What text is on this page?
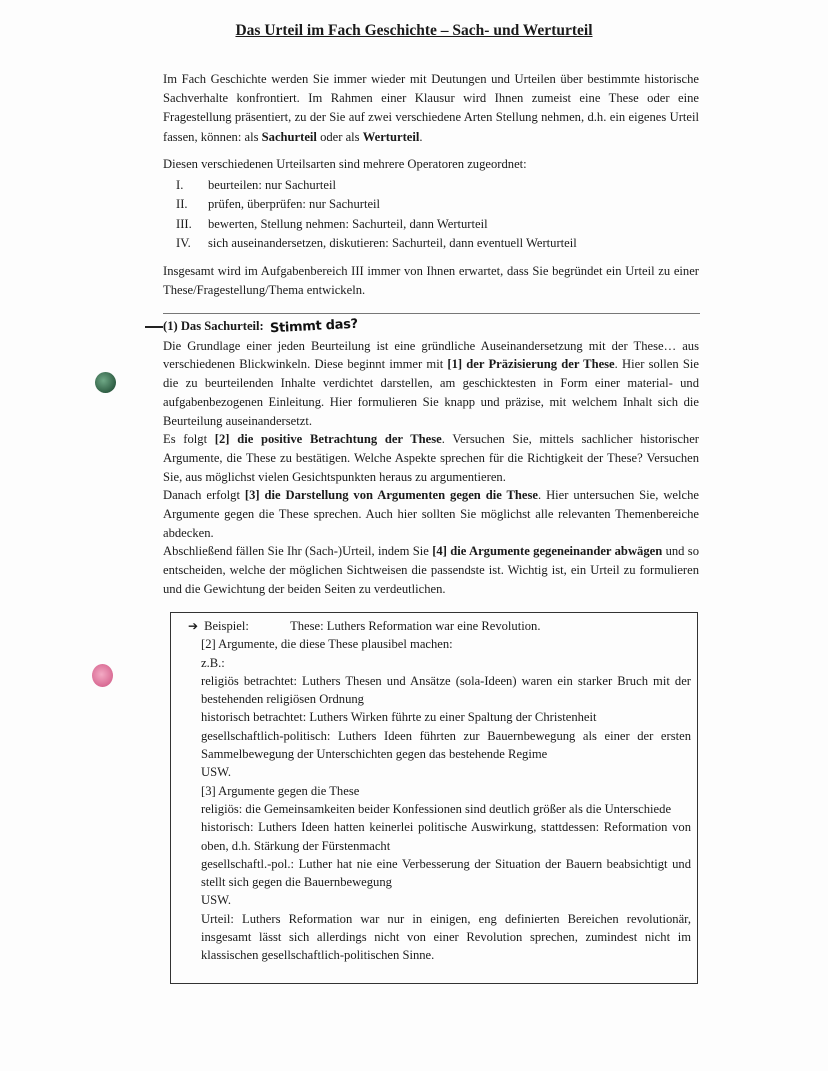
Das Urteil im Fach Geschichte – Sach- und Werturteil

Im Fach Geschichte werden Sie immer wieder mit Deutungen und Urteilen über bestimmte historische Sachverhalte konfrontiert. Im Rahmen einer Klausur wird Ihnen zumeist eine These oder eine Fragestellung präsentiert, zu der Sie auf zwei verschiedene Arten Stellung nehmen, d.h. ein eigenes Urteil fassen, können: als Sachurteil oder als Werturteil.

Diesen verschiedenen Urteilsarten sind mehrere Operatoren zugeordnet:

I.	beurteilen: nur Sachurteil
II.	prüfen, überprüfen: nur Sachurteil
III.	bewerten, Stellung nehmen: Sachurteil, dann Werturteil
IV.	sich auseinandersetzen, diskutieren: Sachurteil, dann eventuell Werturteil

Insgesamt wird im Aufgabenbereich III immer von Ihnen erwartet, dass Sie begründet ein Urteil zu einer These/Fragestellung/Thema entwickeln.

(1) Das Sachurteil: Stimmt das?

Die Grundlage einer jeden Beurteilung ist eine gründliche Auseinandersetzung mit der These… aus verschiedenen Blickwinkeln. Diese beginnt immer mit [1] der Präzisierung der These. Hier sollen Sie die zu beurteilenden Inhalte verdichtet darstellen, am geschicktesten in Form einer material- und aufgabenbezogenen Einleitung. Hier formulieren Sie knapp und präzise, mit welchem Inhalt sich die Beurteilung auseinandersetzt.

Es folgt [2] die positive Betrachtung der These. Versuchen Sie, mittels sachlicher historischer Argumente, die These zu bestätigen. Welche Aspekte sprechen für die Richtigkeit der These? Versuchen Sie, aus möglichst vielen Gesichtspunkten heraus zu argumentieren.

Danach erfolgt [3] die Darstellung von Argumenten gegen die These. Hier untersuchen Sie, welche Argumente gegen die These sprechen. Auch hier sollten Sie möglichst alle relevanten Themenbereiche abdecken.

Abschließend fällen Sie Ihr (Sach-)Urteil, indem Sie [4] die Argumente gegeneinander abwägen und so entscheiden, welche der möglichen Sichtweisen die passendste ist. Wichtig ist, ein Urteil zu formulieren und die Gewichtung der beiden Seiten zu verdeutlichen.

➔ Beispiel:	These: Luthers Reformation war eine Revolution.
[2] Argumente, die diese These plausibel machen:
z.B.:
religiös betrachtet: Luthers Thesen und Ansätze (sola-Ideen) waren ein starker Bruch mit der bestehenden religiösen Ordnung
historisch betrachtet: Luthers Wirken führte zu einer Spaltung der Christenheit
gesellschaftlich-politisch: Luthers Ideen führten zur Bauernbewegung als einer der ersten Sammelbewegung der Unterschichten gegen das bestehende Regime
USW.
[3] Argumente gegen die These
religiös: die Gemeinsamkeiten beider Konfessionen sind deutlich größer als die Unterschiede
historisch: Luthers Ideen hatten keinerlei politische Auswirkung, stattdessen: Reformation von oben, d.h. Stärkung der Fürstenmacht
gesellschaftl.-pol.: Luther hat nie eine Verbesserung der Situation der Bauern beabsichtigt und stellt sich gegen die Bauernbewegung
USW.
Urteil: Luthers Reformation war nur in einigen, eng definierten Bereichen revolutionär, insgesamt lässt sich allerdings nicht von einer Revolution sprechen, zumindest nicht im klassischen gesellschaftlich-politischen Sinne.
